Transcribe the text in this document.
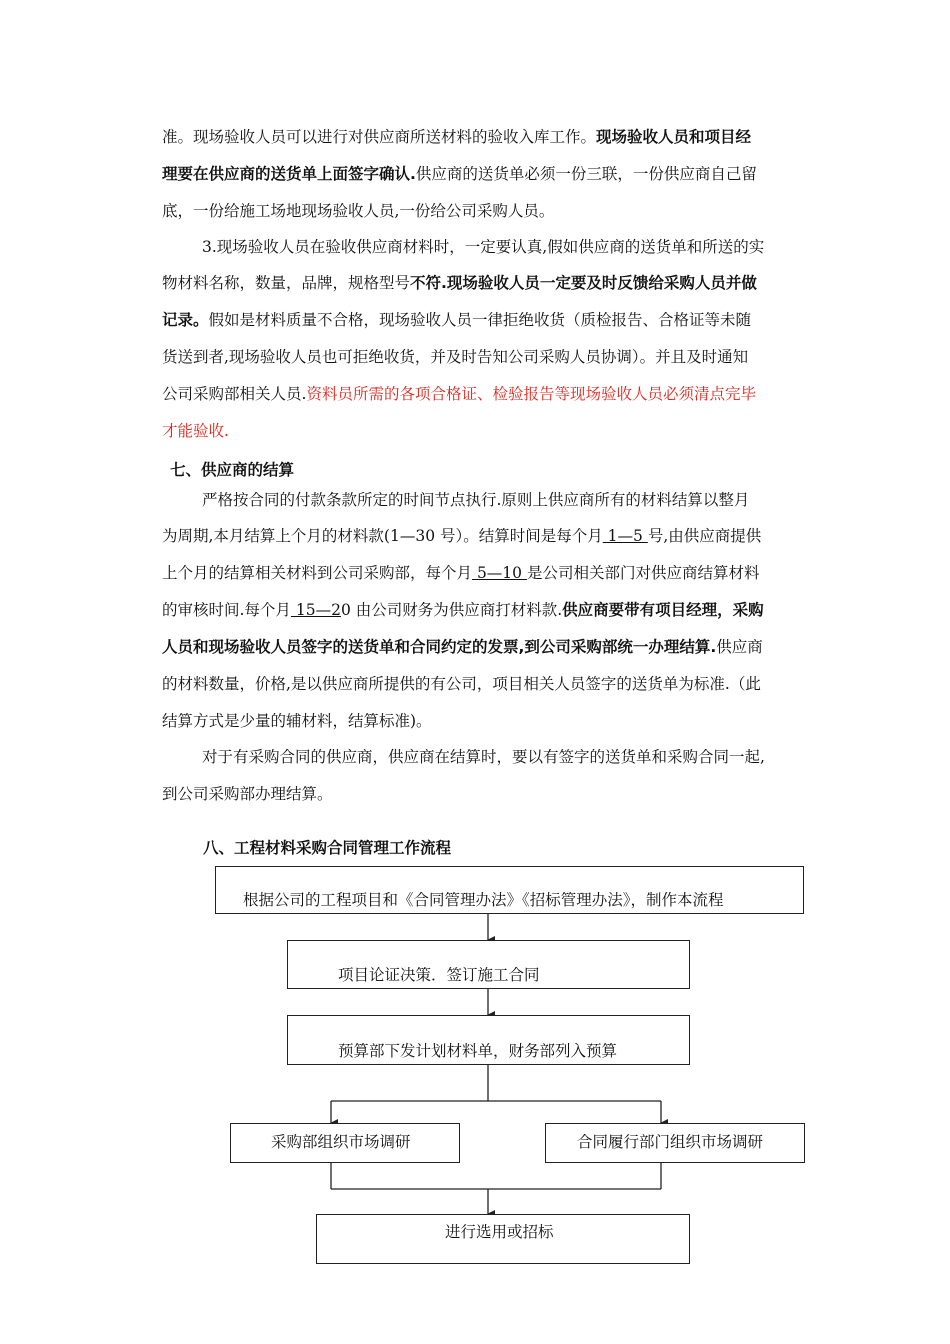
准。现场验收人员可以进行对供应商所送材料的验收入库工作。现场验收人员和项目经
理要在供应商的送货单上面签字确认.供应商的送货单必须一份三联，一份供应商自己留
底，一份给施工场地现场验收人员,一份给公司采购人员。
3.现场验收人员在验收供应商材料时，一定要认真,假如供应商的送货单和所送的实
物材料名称，数量，品牌，规格型号不符.现场验收人员一定要及时反馈给采购人员并做
记录。假如是材料质量不合格，现场验收人员一律拒绝收货（质检报告、合格证等未随
货送到者,现场验收人员也可拒绝收货，并及时告知公司采购人员协调）。并且及时通知
公司采购部相关人员.资料员所需的各项合格证、检验报告等现场验收人员必须清点完毕
才能验收.
七、供应商的结算
严格按合同的付款条款所定的时间节点执行.原则上供应商所有的材料结算以整月
为周期,本月结算上个月的材料款(1—30 号）。结算时间是每个月 1—5 号,由供应商提供
上个月的结算相关材料到公司采购部，每个月 5—10 是公司相关部门对供应商结算材料
的审核时间.每个月 15—20 由公司财务为供应商打材料款.供应商要带有项目经理，采购
人员和现场验收人员签字的送货单和合同约定的发票,到公司采购部统一办理结算.供应商
的材料数量，价格,是以供应商所提供的有公司，项目相关人员签字的送货单为标准.（此
结算方式是少量的辅材料，结算标准)。
对于有采购合同的供应商，供应商在结算时，要以有签字的送货单和采购合同一起,
到公司采购部办理结算。
八、工程材料采购合同管理工作流程
根据公司的工程项目和《合同管理办法》《招标管理办法》，制作本流程
项目论证决策．签订施工合同
预算部下发计划材料单，财务部列入预算
采购部组织市场调研	合同履行部门组织市场调研
进行选用或招标
